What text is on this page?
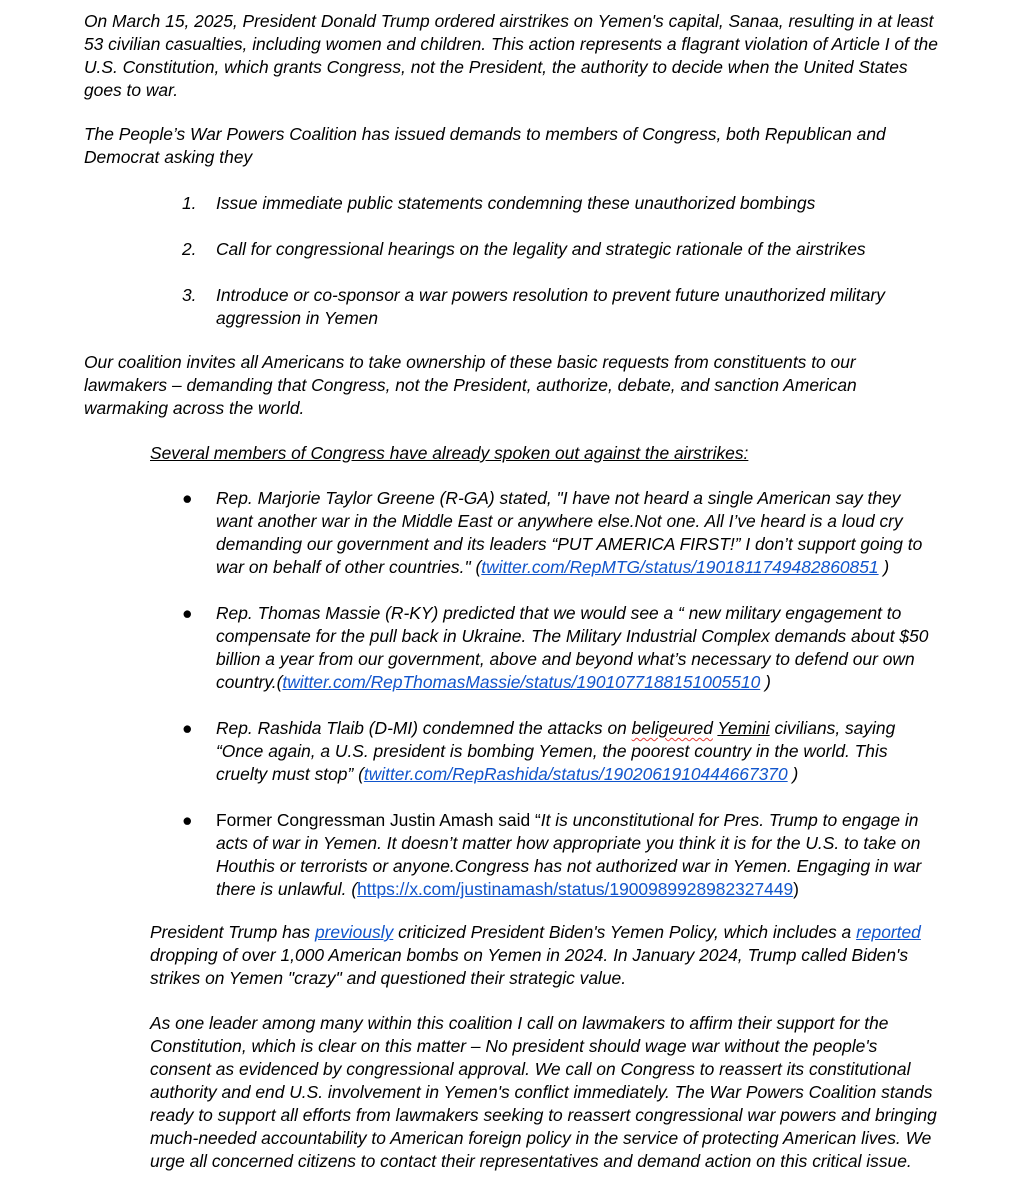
On March 15, 2025, President Donald Trump ordered airstrikes on Yemen's capital, Sanaa, resulting in at least
53 civilian casualties, including women and children. This action represents a flagrant violation of Article I of the
U.S. Constitution, which grants Congress, not the President, the authority to decide when the United States
goes to war.

The People’s War Powers Coalition has issued demands to members of Congress, both Republican and
Democrat asking they

1. Issue immediate public statements condemning these unauthorized bombings
2. Call for congressional hearings on the legality and strategic rationale of the airstrikes
3. Introduce or co-sponsor a war powers resolution to prevent future unauthorized military
aggression in Yemen

Our coalition invites all Americans to take ownership of these basic requests from constituents to our
lawmakers – demanding that Congress, not the President, authorize, debate, and sanction American
warmaking across the world.

Several members of Congress have already spoken out against the airstrikes:
● Rep. Marjorie Taylor Greene (R-GA) stated, "I have not heard a single American say they
want another war in the Middle East or anywhere else.Not one. All I’ve heard is a loud cry
demanding our government and its leaders “PUT AMERICA FIRST!” I don’t support going to
war on behalf of other countries." (twitter.com/RepMTG/status/1901811749482860851 )
● Rep. Thomas Massie (R-KY) predicted that we would see a “ new military engagement to
compensate for the pull back in Ukraine. The Military Industrial Complex demands about $50
billion a year from our government, above and beyond what’s necessary to defend our own
country.(twitter.com/RepThomasMassie/status/1901077188151005510 )
● Rep. Rashida Tlaib (D-MI) condemned the attacks on beligeured Yemini civilians, saying
“Once again, a U.S. president is bombing Yemen, the poorest country in the world. This
cruelty must stop” (twitter.com/RepRashida/status/1902061910444667370 )
● Former Congressman Justin Amash said “It is unconstitutional for Pres. Trump to engage in
acts of war in Yemen. It doesn’t matter how appropriate you think it is for the U.S. to take on
Houthis or terrorists or anyone.Congress has not authorized war in Yemen. Engaging in war
there is unlawful. (https://x.com/justinamash/status/1900989928982327449)

President Trump has previously criticized President Biden's Yemen Policy, which includes a reported
dropping of over 1,000 American bombs on Yemen in 2024. In January 2024, Trump called Biden's
strikes on Yemen "crazy" and questioned their strategic value.

As one leader among many within this coalition I call on lawmakers to affirm their support for the
Constitution, which is clear on this matter – No president should wage war without the people's
consent as evidenced by congressional approval. We call on Congress to reassert its constitutional
authority and end U.S. involvement in Yemen's conflict immediately. The War Powers Coalition stands
ready to support all efforts from lawmakers seeking to reassert congressional war powers and bringing
much-needed accountability to American foreign policy in the service of protecting American lives. We
urge all concerned citizens to contact their representatives and demand action on this critical issue.
